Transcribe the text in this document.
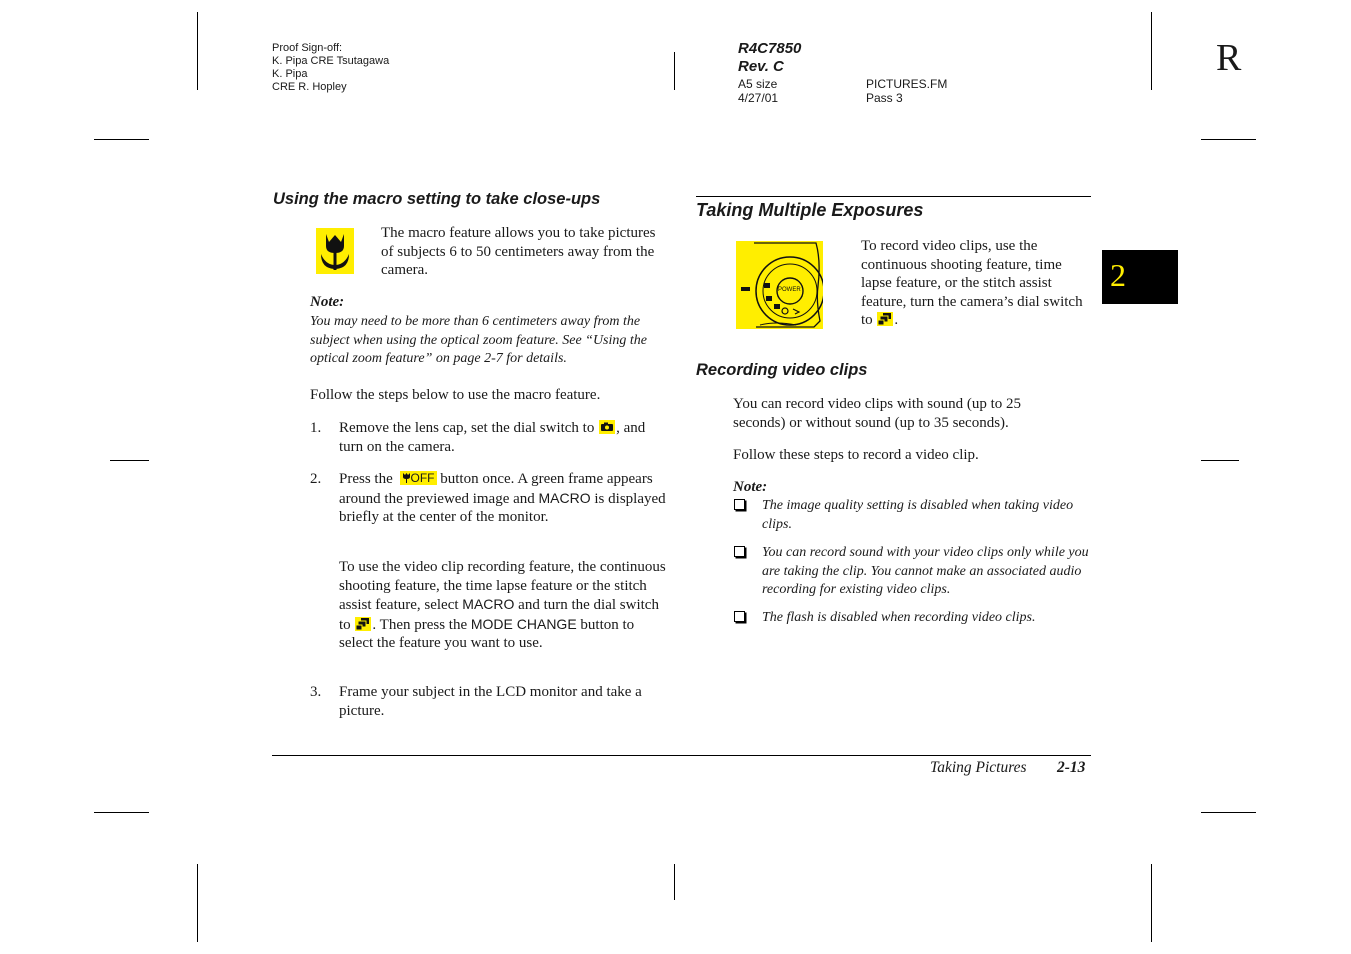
Proof Sign-off:
K. Pipa CRE Tsutagawa
K. Pipa
CRE R. Hopley
R4C7850
Rev. C
A5 size
4/27/01
PICTURES.FM
Pass 3
R
2
Using the macro setting to take close-ups
The macro feature allows you to take pictures of subjects 6 to 50 centimeters away from the camera.
Note:
You may need to be more than 6 centimeters away from the subject when using the optical zoom feature. See “Using the optical zoom feature” on page 2-7 for details.
Follow the steps below to use the macro feature.
1. Remove the lens cap, set the dial switch to , and turn on the camera.
2. Press the OFF button once. A green frame appears around the previewed image and MACRO is displayed briefly at the center of the monitor.
To use the video clip recording feature, the continuous shooting feature, the time lapse feature or the stitch assist feature, select MACRO and turn the dial switch to . Then press the MODE CHANGE button to select the feature you want to use.
3. Frame your subject in the LCD monitor and take a picture.
Taking Multiple Exposures
POWER
To record video clips, use the continuous shooting feature, time lapse feature, or the stitch assist feature, turn the camera’s dial switch to .
Recording video clips
You can record video clips with sound (up to 25 seconds) or without sound (up to 35 seconds).
Follow these steps to record a video clip.
Note:
The image quality setting is disabled when taking video clips.
You can record sound with your video clips only while you are taking the clip. You cannot make an associated audio recording for existing video clips.
The flash is disabled when recording video clips.
Taking Pictures 2-13
